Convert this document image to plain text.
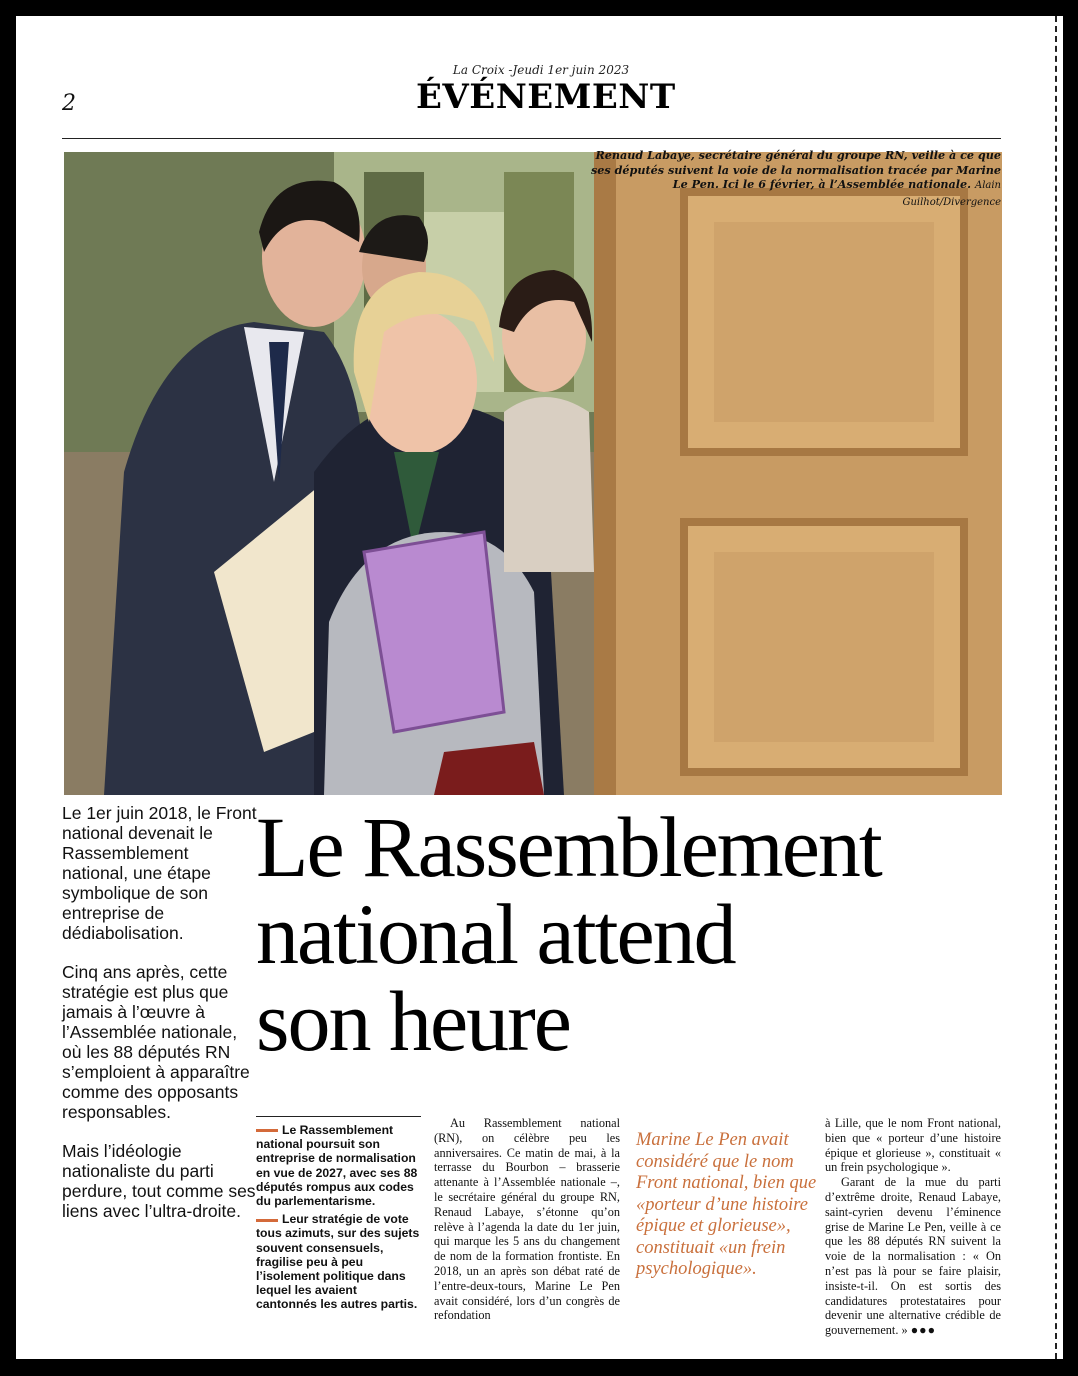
2
La Croix -Jeudi 1er juin 2023
ÉVÉNEMENT
Renaud Labaye, secrétaire général du groupe RN, veille à ce que ses députés suivent la voie de la normalisation tracée par Marine Le Pen. Ici le 6 février, à l’Assemblée nationale. Alain Guilhot/Divergence

Le 1er juin 2018, le Front national devenait le Rassemblement national, une étape symbolique de son entreprise de dédiabolisation.

Cinq ans après, cette stratégie est plus que jamais à l’œuvre à l’Assemblée nationale, où les 88 députés RN s’emploient à apparaître comme des opposants responsables.

Mais l’idéologie nationaliste du parti perdure, tout comme ses liens avec l’ultra-droite.

Le Rassemblement
national attend
son heure

Le Rassemblement national poursuit son entreprise de normalisation en vue de 2027, avec ses 88 députés rompus aux codes du parlementarisme.

Leur stratégie de vote tous azimuts, sur des sujets souvent consensuels, fragilise peu à peu l’isolement politique dans lequel les avaient cantonnés les autres partis.

Au Rassemblement national (RN), on célèbre peu les anniversaires. Ce matin de mai, à la terrasse du Bourbon – brasserie attenante à l’Assemblée nationale –, le secrétaire général du groupe RN, Renaud Labaye, s’étonne qu’on relève à l’agenda la date du 1er juin, qui marque les 5 ans du changement de nom de la formation frontiste. En 2018, un an après son débat raté de l’entre-deux-tours, Marine Le Pen avait considéré, lors d’un congrès de refondation

Marine Le Pen avait considéré que le nom Front national, bien que «porteur d’une histoire épique et glorieuse», constituait «un frein psychologique».

à Lille, que le nom Front national, bien que « porteur d’une histoire épique et glorieuse », constituait « un frein psychologique ».

Garant de la mue du parti d’extrême droite, Renaud Labaye, saint-cyrien devenu l’éminence grise de Marine Le Pen, veille à ce que les 88 députés RN suivent la voie de la normalisation : « On n’est pas là pour se faire plaisir, insiste-t-il. On est sortis des candidatures protestataires pour devenir une alternative crédible de gouvernement. » ●●●
